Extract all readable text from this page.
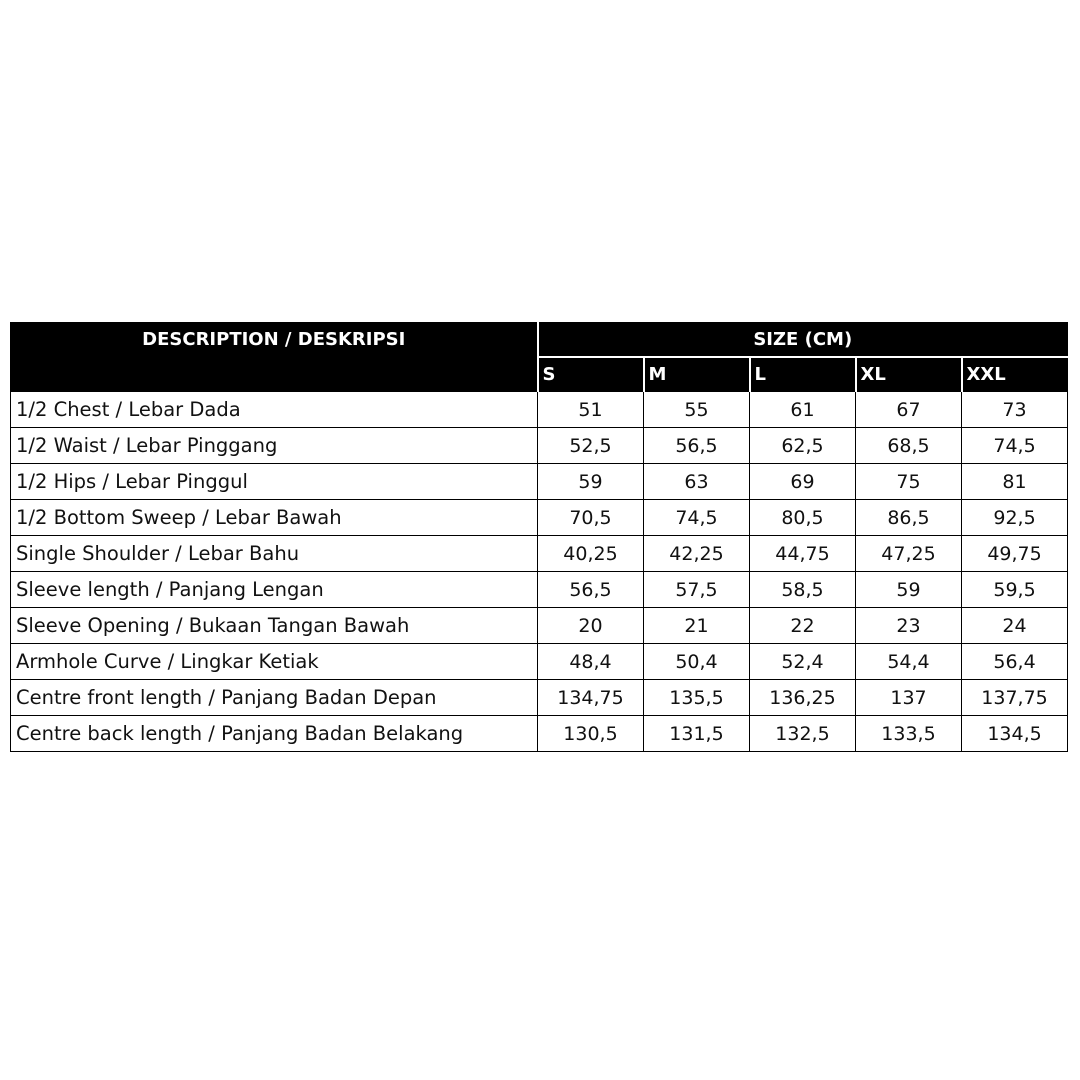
DESCRIPTION / DESKRIPSI	SIZE (CM)				
	S	M	L	XL	XXL
1/2 Chest / Lebar Dada	51	55	61	67	73
1/2 Waist / Lebar Pinggang	52,5	56,5	62,5	68,5	74,5
1/2 Hips / Lebar Pinggul	59	63	69	75	81
1/2 Bottom Sweep / Lebar Bawah	70,5	74,5	80,5	86,5	92,5
Single Shoulder / Lebar Bahu	40,25	42,25	44,75	47,25	49,75
Sleeve length / Panjang Lengan	56,5	57,5	58,5	59	59,5
Sleeve Opening / Bukaan Tangan Bawah	20	21	22	23	24
Armhole Curve / Lingkar Ketiak	48,4	50,4	52,4	54,4	56,4
Centre front length / Panjang Badan Depan	134,75	135,5	136,25	137	137,75
Centre back length / Panjang Badan Belakang	130,5	131,5	132,5	133,5	134,5
